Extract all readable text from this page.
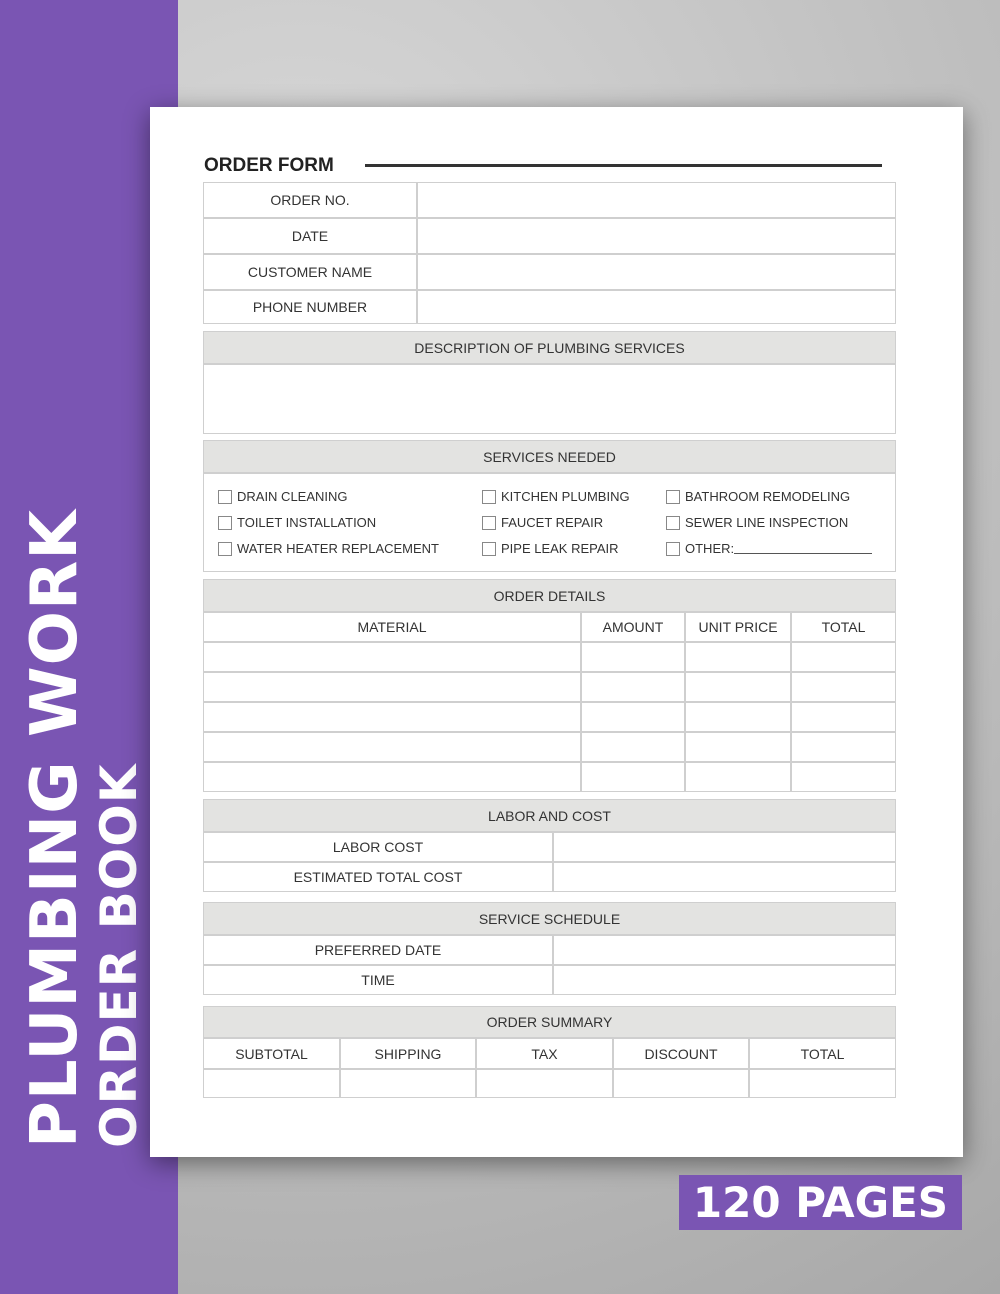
PLUMBING WORK
ORDER BOOK
ORDER FORM
ORDER NO.
DATE
CUSTOMER NAME
PHONE NUMBER
DESCRIPTION OF PLUMBING SERVICES
SERVICES NEEDED
DRAIN CLEANING
TOILET INSTALLATION
WATER HEATER REPLACEMENT
KITCHEN PLUMBING
FAUCET REPAIR
PIPE LEAK REPAIR
BATHROOM REMODELING
SEWER LINE INSPECTION
OTHER:
ORDER DETAILS
MATERIAL	AMOUNT	UNIT PRICE	TOTAL
LABOR AND COST
LABOR COST
ESTIMATED TOTAL COST
SERVICE SCHEDULE
PREFERRED DATE
TIME
ORDER SUMMARY
SUBTOTAL	SHIPPING	TAX	DISCOUNT	TOTAL
120 PAGES
